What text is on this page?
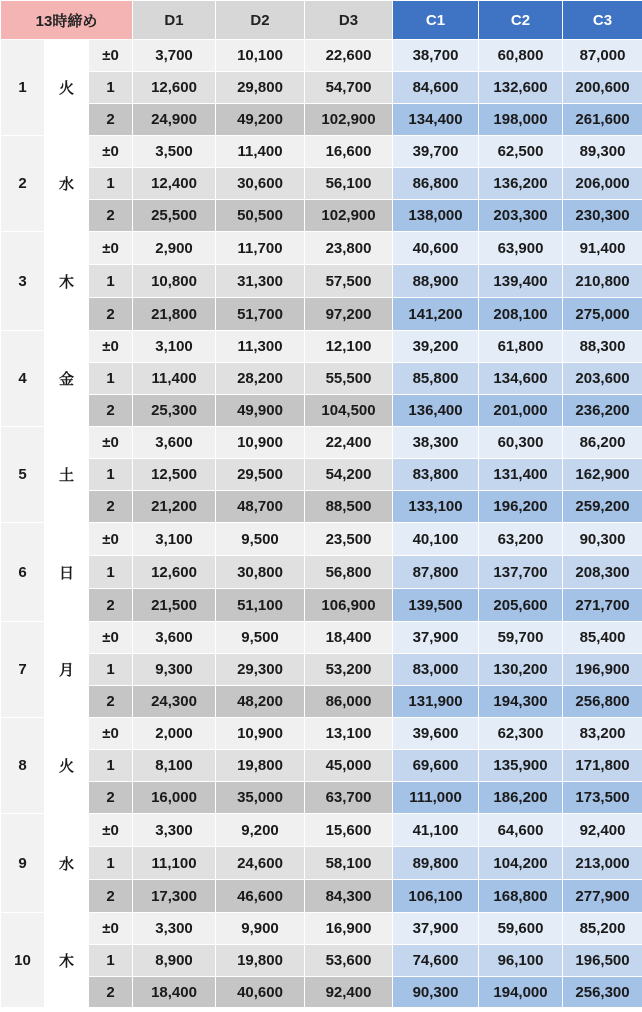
13時締め			D1	D2	D3	C1	C2	C3
1	火	±0	3,700	10,100	22,600	38,700	60,800	87,000
		1	12,600	29,800	54,700	84,600	132,600	200,600
		2	24,900	49,200	102,900	134,400	198,000	261,600
2	水	±0	3,500	11,400	16,600	39,700	62,500	89,300
		1	12,400	30,600	56,100	86,800	136,200	206,000
		2	25,500	50,500	102,900	138,000	203,300	230,300
3	木	±0	2,900	11,700	23,800	40,600	63,900	91,400
		1	10,800	31,300	57,500	88,900	139,400	210,800
		2	21,800	51,700	97,200	141,200	208,100	275,000
4	金	±0	3,100	11,300	12,100	39,200	61,800	88,300
		1	11,400	28,200	55,500	85,800	134,600	203,600
		2	25,300	49,900	104,500	136,400	201,000	236,200
5	土	±0	3,600	10,900	22,400	38,300	60,300	86,200
		1	12,500	29,500	54,200	83,800	131,400	162,900
		2	21,200	48,700	88,500	133,100	196,200	259,200
6	日	±0	3,100	9,500	23,500	40,100	63,200	90,300
		1	12,600	30,800	56,800	87,800	137,700	208,300
		2	21,500	51,100	106,900	139,500	205,600	271,700
7	月	±0	3,600	9,500	18,400	37,900	59,700	85,400
		1	9,300	29,300	53,200	83,000	130,200	196,900
		2	24,300	48,200	86,000	131,900	194,300	256,800
8	火	±0	2,000	10,900	13,100	39,600	62,300	83,200
		1	8,100	19,800	45,000	69,600	135,900	171,800
		2	16,000	35,000	63,700	111,000	186,200	173,500
9	水	±0	3,300	9,200	15,600	41,100	64,600	92,400
		1	11,100	24,600	58,100	89,800	104,200	213,000
		2	17,300	46,600	84,300	106,100	168,800	277,900
10	木	±0	3,300	9,900	16,900	37,900	59,600	85,200
		1	8,900	19,800	53,600	74,600	96,100	196,500
		2	18,400	40,600	92,400	90,300	194,000	256,300
